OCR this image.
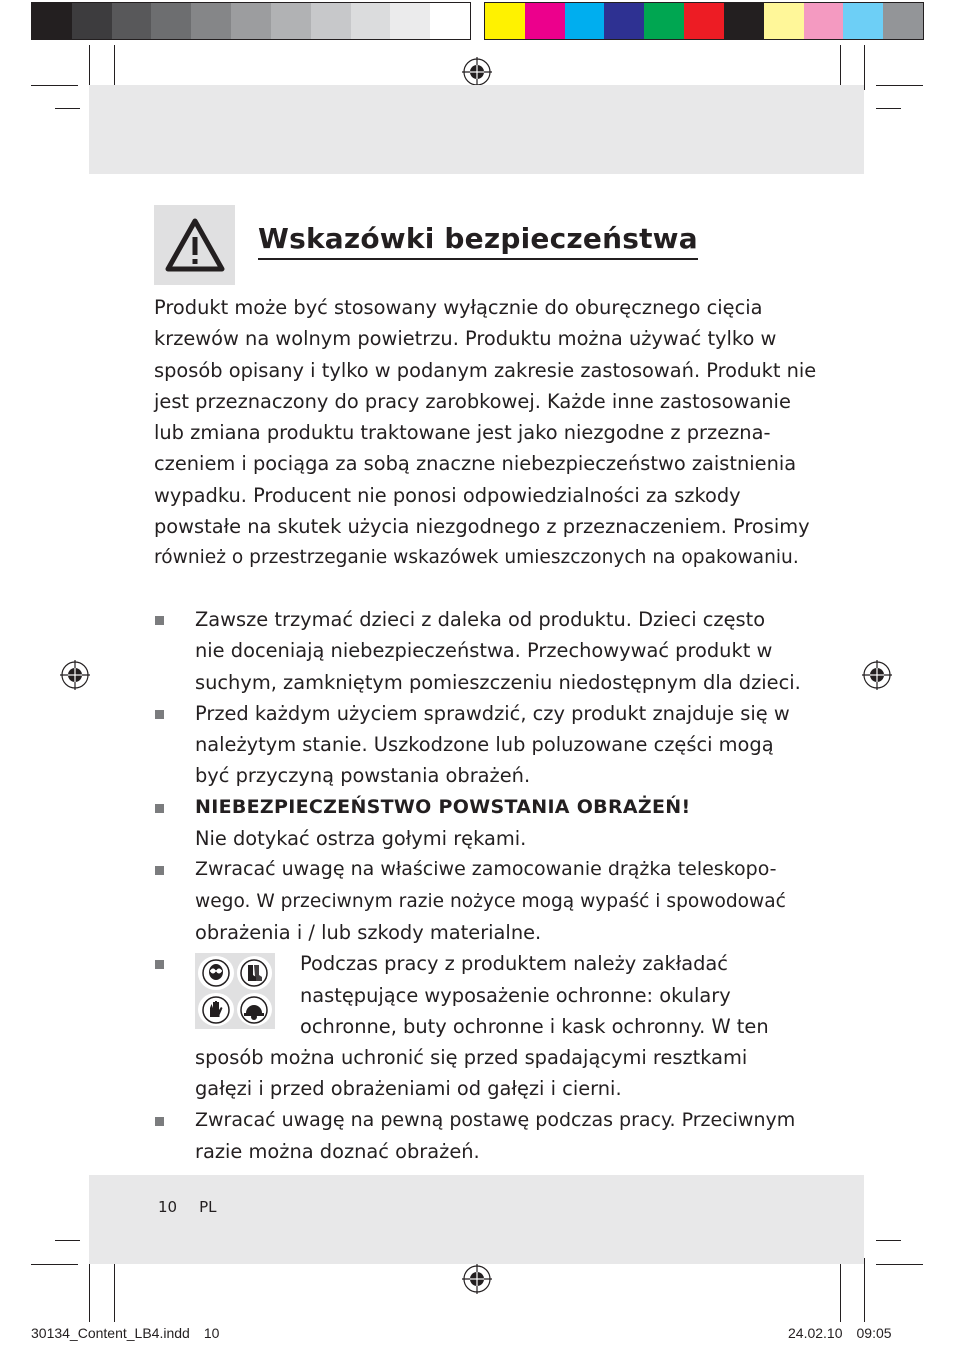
Wskazówki bezpieczeństwa
Produkt może być stosowany wyłącznie do oburęcznego cięcia
krzewów na wolnym powietrzu. Produktu można używać tylko w
sposób opisany i tylko w podanym zakresie zastosowań. Produkt nie
jest przeznaczony do pracy zarobkowej. Każde inne zastosowanie
lub zmiana produktu traktowane jest jako niezgodne z przezna-
czeniem i pociąga za sobą znaczne niebezpieczeństwo zaistnienia
wypadku. Producent nie ponosi odpowiedzialności za szkody
powstałe na skutek użycia niezgodnego z przeznaczeniem. Prosimy
również o przestrzeganie wskazówek umieszczonych na opakowaniu.
Zawsze trzymać dzieci z daleka od produktu. Dzieci często
nie doceniają niebezpieczeństwa. Przechowywać produkt w
suchym, zamkniętym pomieszczeniu niedostępnym dla dzieci.
Przed każdym użyciem sprawdzić, czy produkt znajduje się w
należytym stanie. Uszkodzone lub poluzowane części mogą
być przyczyną powstania obrażeń.
NIEBEZPIECZEŃSTWO POWSTANIA OBRAŻEŃ!
Nie dotykać ostrza gołymi rękami.
Zwracać uwagę na właściwe zamocowanie drążka teleskopo-
wego. W przeciwnym razie nożyce mogą wypaść i spowodować
obrażenia i / lub szkody materialne.
Podczas pracy z produktem należy zakładać
następujące wyposażenie ochronne: okulary
ochronne, buty ochronne i kask ochronny. W ten
sposób można uchronić się przed spadającymi resztkami
gałęzi i przed obrażeniami od gałęzi i cierni.
Zwracać uwagę na pewną postawę podczas pracy. Przeciwnym
razie można doznać obrażeń.
10 PL
30134_Content_LB4.indd 10	24.02.10 09:05
